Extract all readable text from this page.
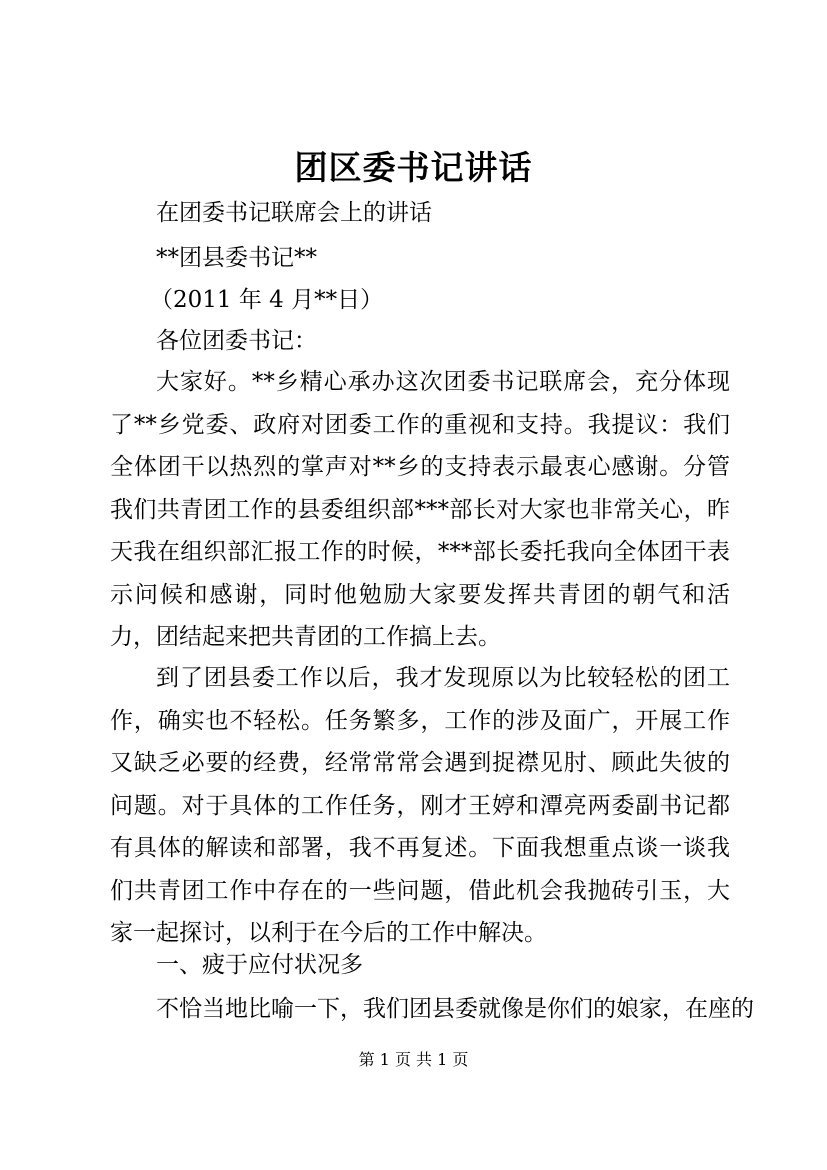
团区委书记讲话
在团委书记联席会上的讲话
**团县委书记**
（2011 年 4 月**日）
各位团委书记：

大家好。**乡精心承办这次团委书记联席会，充分体现了**乡党委、政府对团委工作的重视和支持。我提议：我们全体团干以热烈的掌声对**乡的支持表示最衷心感谢。分管我们共青团工作的县委组织部***部长对大家也非常关心，昨天我在组织部汇报工作的时候，***部长委托我向全体团干表示问候和感谢，同时他勉励大家要发挥共青团的朝气和活力，团结起来把共青团的工作搞上去。

到了团县委工作以后，我才发现原以为比较轻松的团工作，确实也不轻松。任务繁多，工作的涉及面广，开展工作又缺乏必要的经费，经常常常会遇到捉襟见肘、顾此失彼的问题。对于具体的工作任务，刚才王婷和潭亮两委副书记都有具体的解读和部署，我不再复述。下面我想重点谈一谈我们共青团工作中存在的一些问题，借此机会我抛砖引玉，大家一起探讨，以利于在今后的工作中解决。

一、疲于应付状况多
不恰当地比喻一下，我们团县委就像是你们的娘家，在座的
第 1 页 共 1 页
